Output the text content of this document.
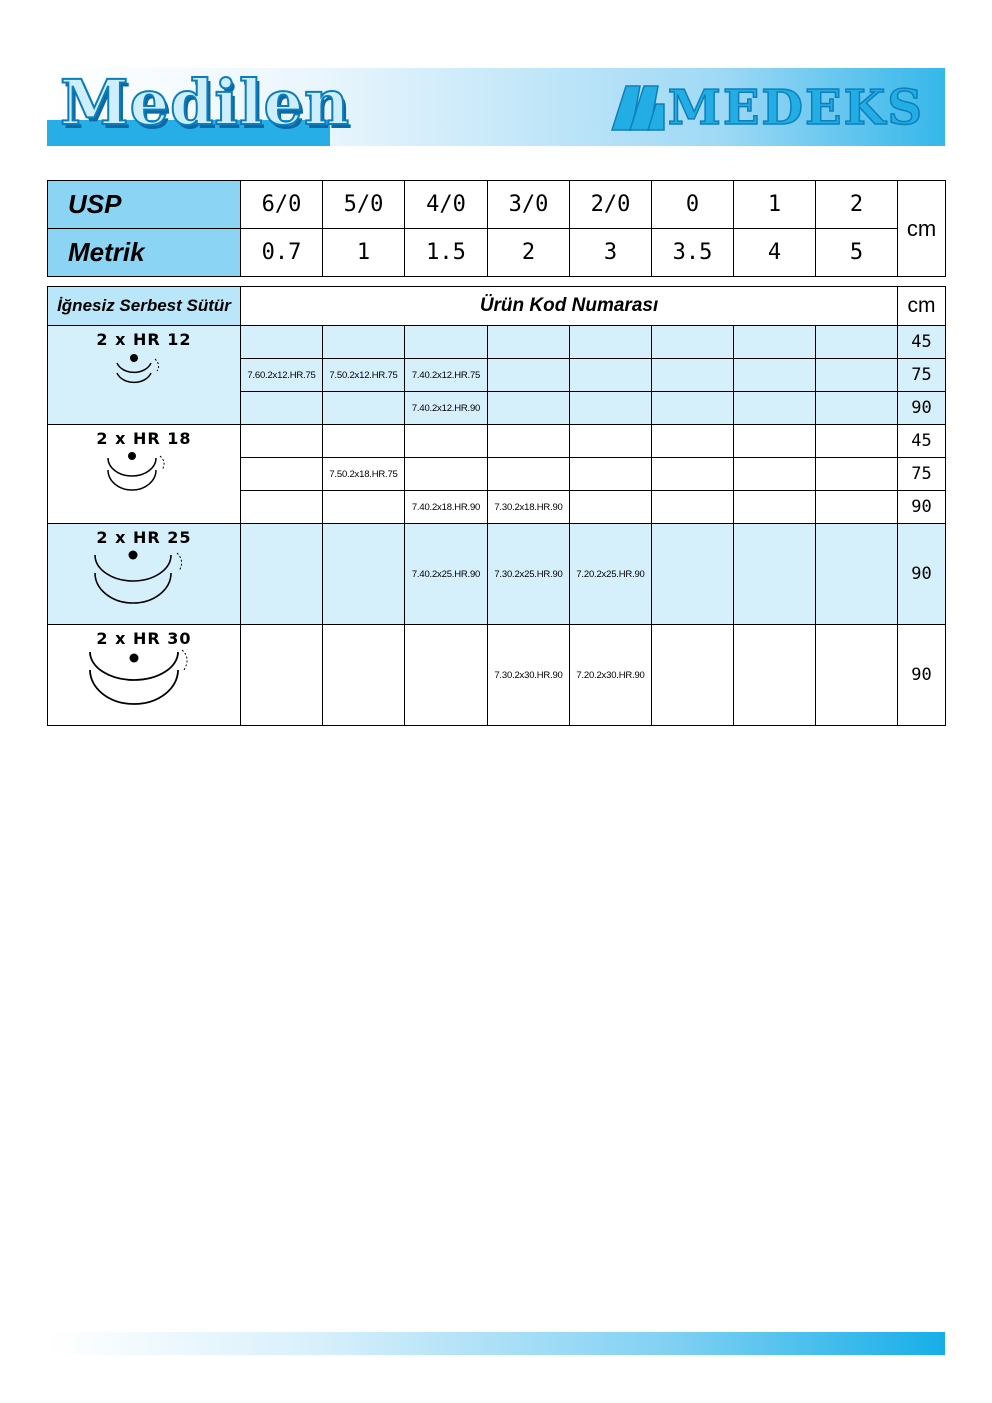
Medilen	MEDEKS
USP	6/0	5/0	4/0	3/0	2/0	0	1	2	cm
Metrik	0.7	1	1.5	2	3	3.5	4	5	
İğnesiz Serbest Sütür	Ürün Kod Numarası								cm

2 x HR 12									45
	7.60.2x12.HR.75	7.50.2x12.HR.75	7.40.2x12.HR.75						75
			7.40.2x12.HR.90						90

2 x HR 18									45
		7.50.2x18.HR.75							75
			7.40.2x18.HR.90	7.30.2x18.HR.90					90

2 x HR 25			7.40.2x25.HR.90	7.30.2x25.HR.90	7.20.2x25.HR.90				90

2 x HR 30				7.30.2x30.HR.90	7.20.2x30.HR.90				90
